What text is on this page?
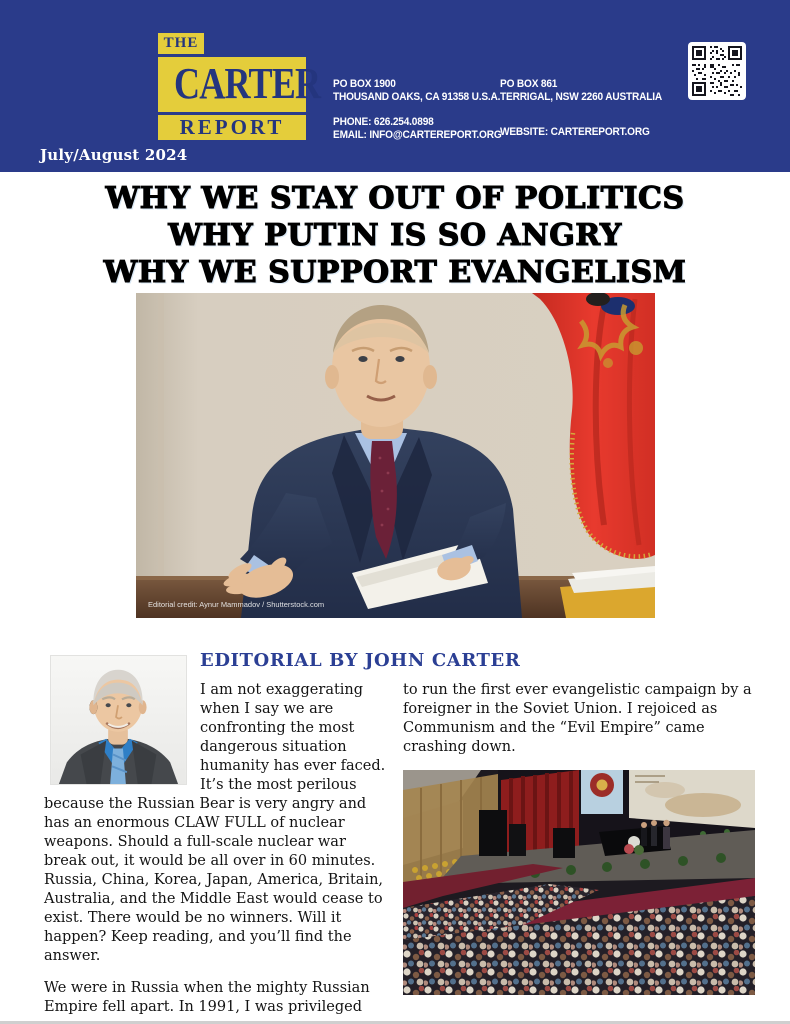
THE
CARTER
REPORT
PO BOX 1900
THOUSAND OAKS, CA 91358 U.S.A.
PHONE: 626.254.0898
EMAIL: INFO@CARTEREPORT.ORG
PO BOX 861
TERRIGAL, NSW 2260 AUSTRALIA
WEBSITE: CARTEREPORT.ORG
July/August 2024
WHY WE STAY OUT OF POLITICS
WHY PUTIN IS SO ANGRY
WHY WE SUPPORT EVANGELISM
Editorial credit: Aynur Mammadov / Shutterstock.com
EDITORIAL BY JOHN CARTER

I am not exaggerating when I say we are confronting the most dangerous situation humanity has ever faced. It’s the most perilous because the Russian Bear is very angry and has an enormous CLAW FULL of nuclear weapons. Should a full-scale nuclear war break out, it would be all over in 60 minutes. Russia, China, Korea, Japan, America, Britain, Australia, and the Middle East would cease to exist. There would be no winners. Will it happen? Keep reading, and you’ll find the answer.

We were in Russia when the mighty Russian Empire fell apart. In 1991, I was privileged

to run the first ever evangelistic campaign by a foreigner in the Soviet Union. I rejoiced as Communism and the “Evil Empire” came crashing down.
